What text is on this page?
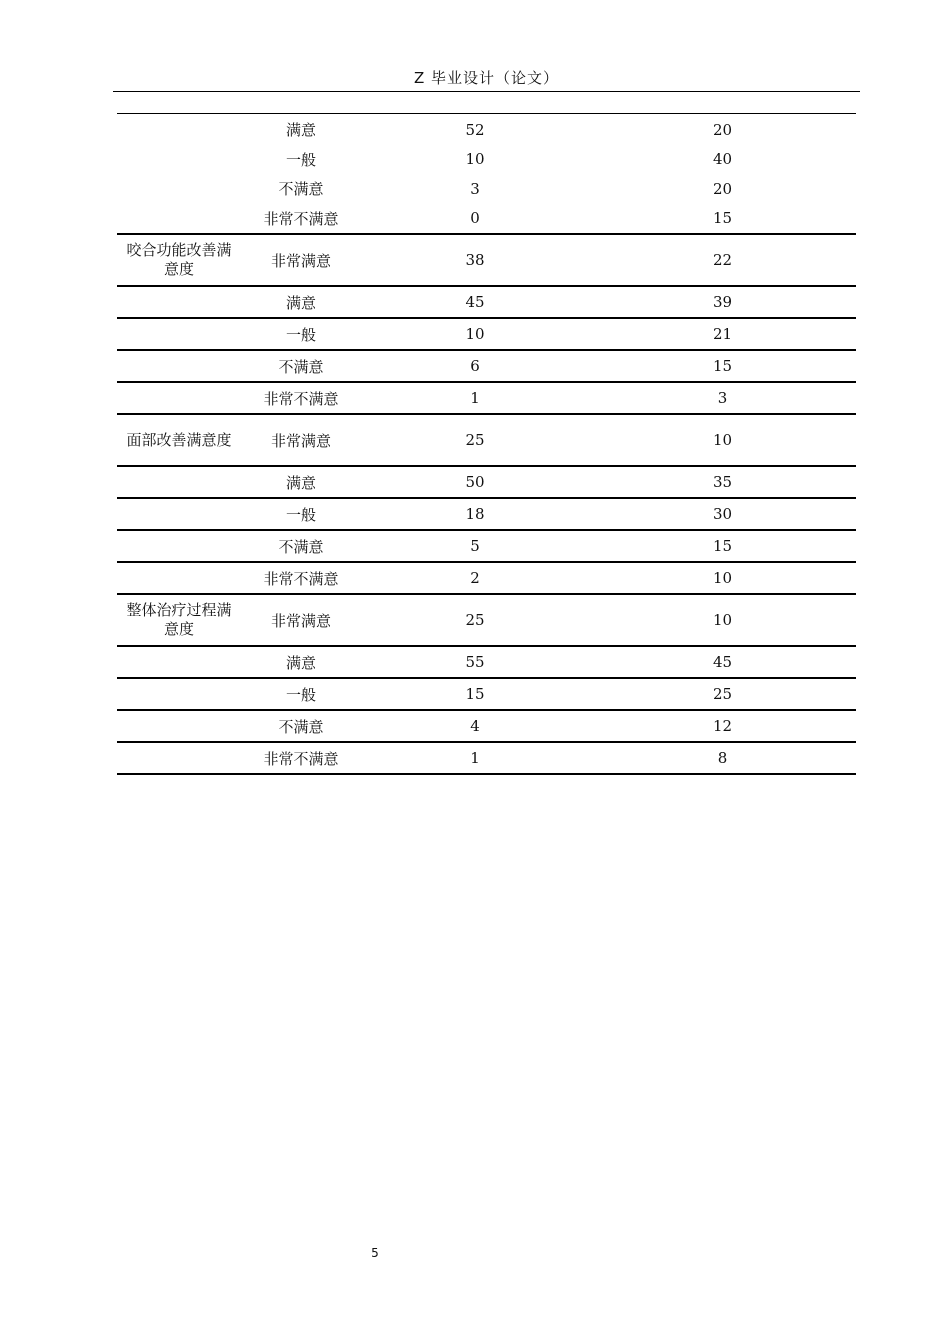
Z 毕业设计（论文）
	满意	52	20
	一般	10	40
	不满意	3	20
	非常不满意	0	15
咬合功能改善满意度	非常满意	38	22
	满意	45	39
	一般	10	21
	不满意	6	15
	非常不满意	1	3
面部改善满意度	非常满意	25	10
	满意	50	35
	一般	18	30
	不满意	5	15
	非常不满意	2	10
整体治疗过程满意度	非常满意	25	10
	满意	55	45
	一般	15	25
	不满意	4	12
	非常不满意	1	8
5
